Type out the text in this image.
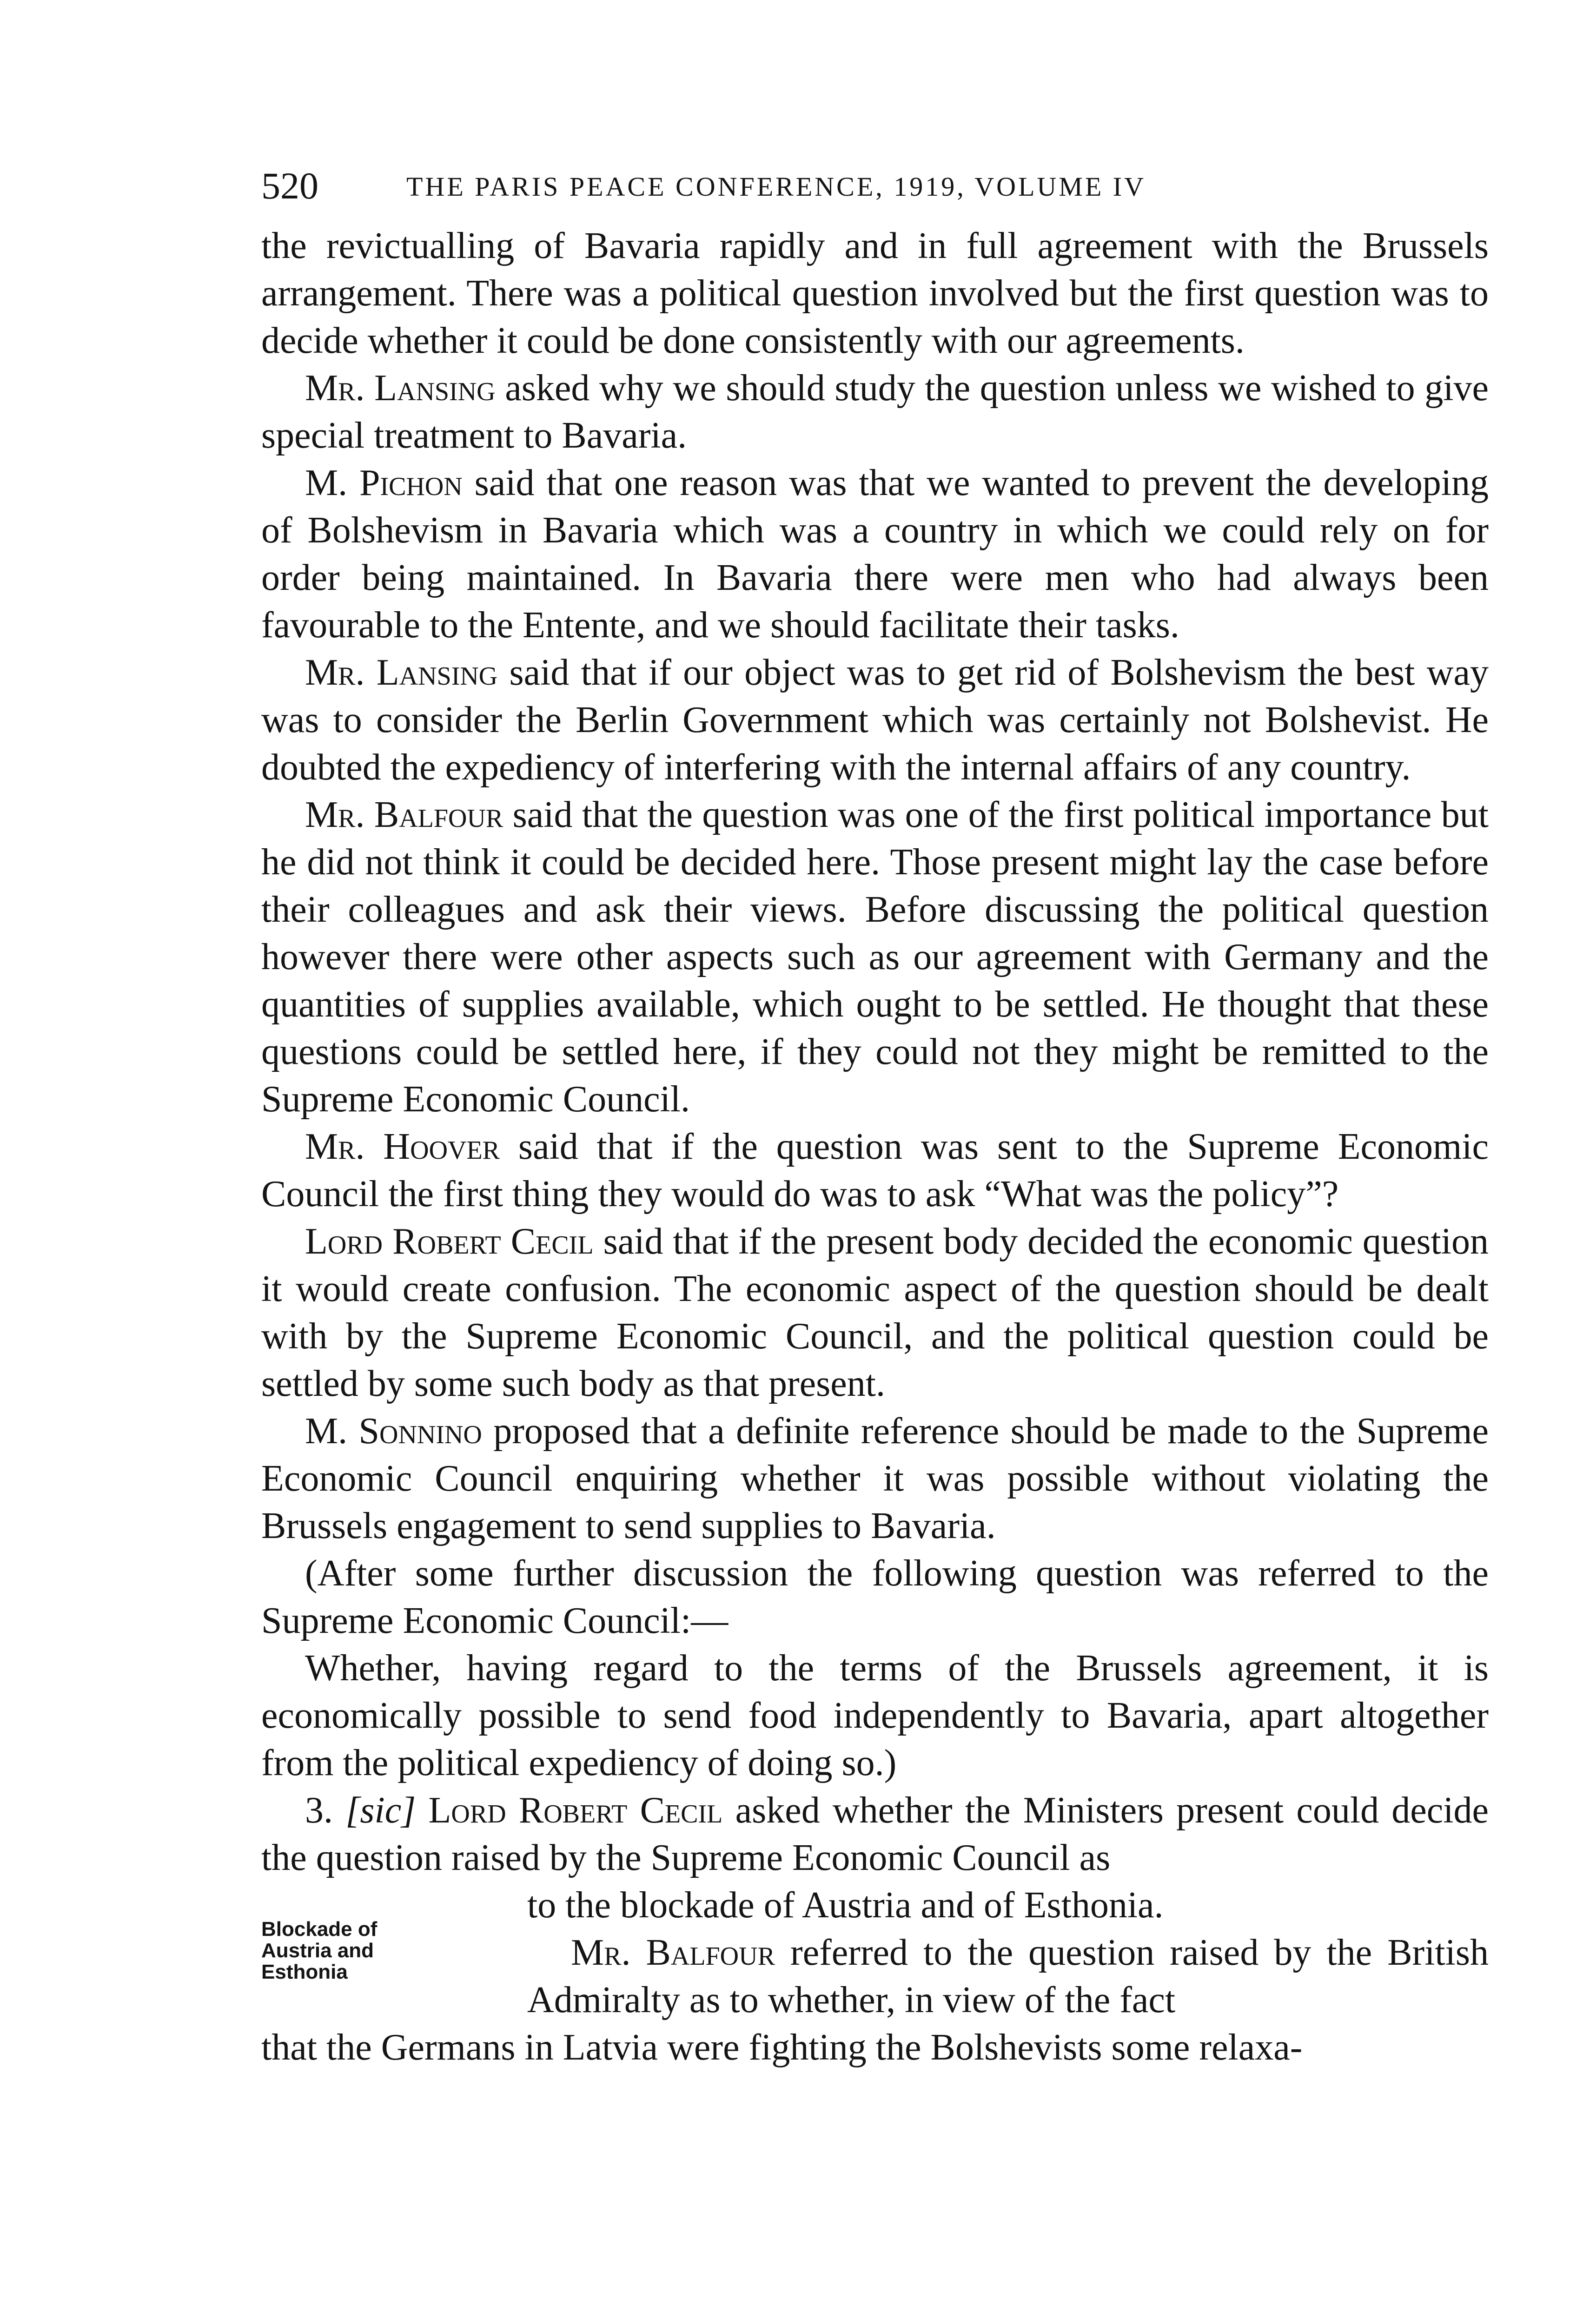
520	THE PARIS PEACE CONFERENCE, 1919, VOLUME IV

the revictualling of Bavaria rapidly and in full agreement with the Brussels arrangement. There was a political question involved but the first question was to decide whether it could be done consistently with our agreements.

Mr. Lansing asked why we should study the question unless we wished to give special treatment to Bavaria.

M. Pichon said that one reason was that we wanted to prevent the developing of Bolshevism in Bavaria which was a country in which we could rely on for order being maintained. In Bavaria there were men who had always been favourable to the Entente, and we should facilitate their tasks.

Mr. Lansing said that if our object was to get rid of Bolshevism the best way was to consider the Berlin Government which was certainly not Bolshevist. He doubted the expediency of interfering with the internal affairs of any country.

Mr. Balfour said that the question was one of the first political importance but he did not think it could be decided here. Those present might lay the case before their colleagues and ask their views. Before discussing the political question however there were other aspects such as our agreement with Germany and the quantities of supplies available, which ought to be settled. He thought that these questions could be settled here, if they could not they might be remitted to the Supreme Economic Council.

Mr. Hoover said that if the question was sent to the Supreme Economic Council the first thing they would do was to ask “What was the policy”?

Lord Robert Cecil said that if the present body decided the economic question it would create confusion. The economic aspect of the question should be dealt with by the Supreme Economic Council, and the political question could be settled by some such body as that present.

M. Sonnino proposed that a definite reference should be made to the Supreme Economic Council enquiring whether it was possible without violating the Brussels engagement to send supplies to Bavaria.

(After some further discussion the following question was referred to the Supreme Economic Council:—

Whether, having regard to the terms of the Brussels agreement, it is economically possible to send food independently to Bavaria, apart altogether from the political expediency of doing so.)

3. [sic] Lord Robert Cecil asked whether the Ministers present could decide the question raised by the Supreme Economic Council as

Blockade of
Austria and
Esthonia

to the blockade of Austria and of Esthonia.

Mr. Balfour referred to the question raised by the British Admiralty as to whether, in view of the fact

that the Germans in Latvia were fighting the Bolshevists some relaxa-
